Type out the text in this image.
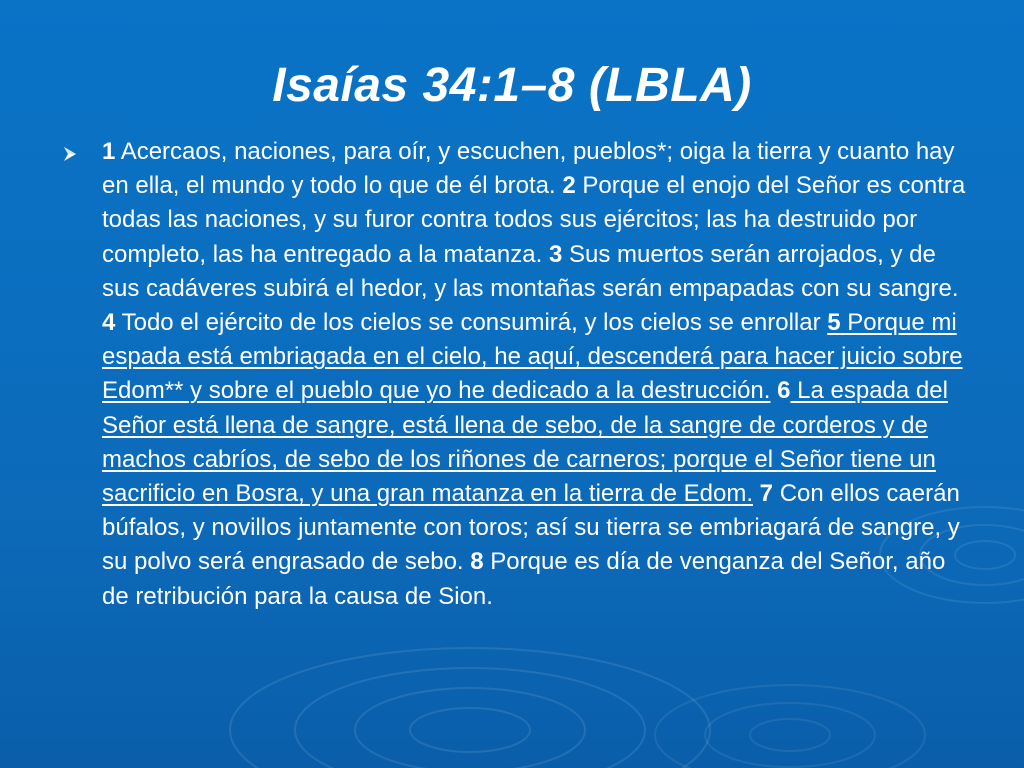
Isaías 34:1–8 (LBLA)
1 Acercaos, naciones, para oír, y escuchen, pueblos*; oiga la tierra y cuanto hay en ella, el mundo y todo lo que de él brota. 2 Porque el enojo del Señor es contra todas las naciones, y su furor contra todos sus ejércitos; las ha destruido por completo, las ha entregado a la matanza. 3 Sus muertos serán arrojados, y de sus cadáveres subirá el hedor, y las montañas serán empapadas con su sangre. 4 Todo el ejército de los cielos se consumirá, y los cielos se enrollar 5 Porque mi espada está embriagada en el cielo, he aquí, descenderá para hacer juicio sobre Edom** y sobre el pueblo que yo he dedicado a la destrucción. 6 La espada del Señor está llena de sangre, está llena de sebo, de la sangre de corderos y de machos cabríos, de sebo de los riñones de carneros; porque el Señor tiene un sacrificio en Bosra, y una gran matanza en la tierra de Edom. 7 Con ellos caerán búfalos, y novillos juntamente con toros; así su tierra se embriagará de sangre, y su polvo será engrasado de sebo. 8 Porque es día de venganza del Señor, año de retribución para la causa de Sion.
